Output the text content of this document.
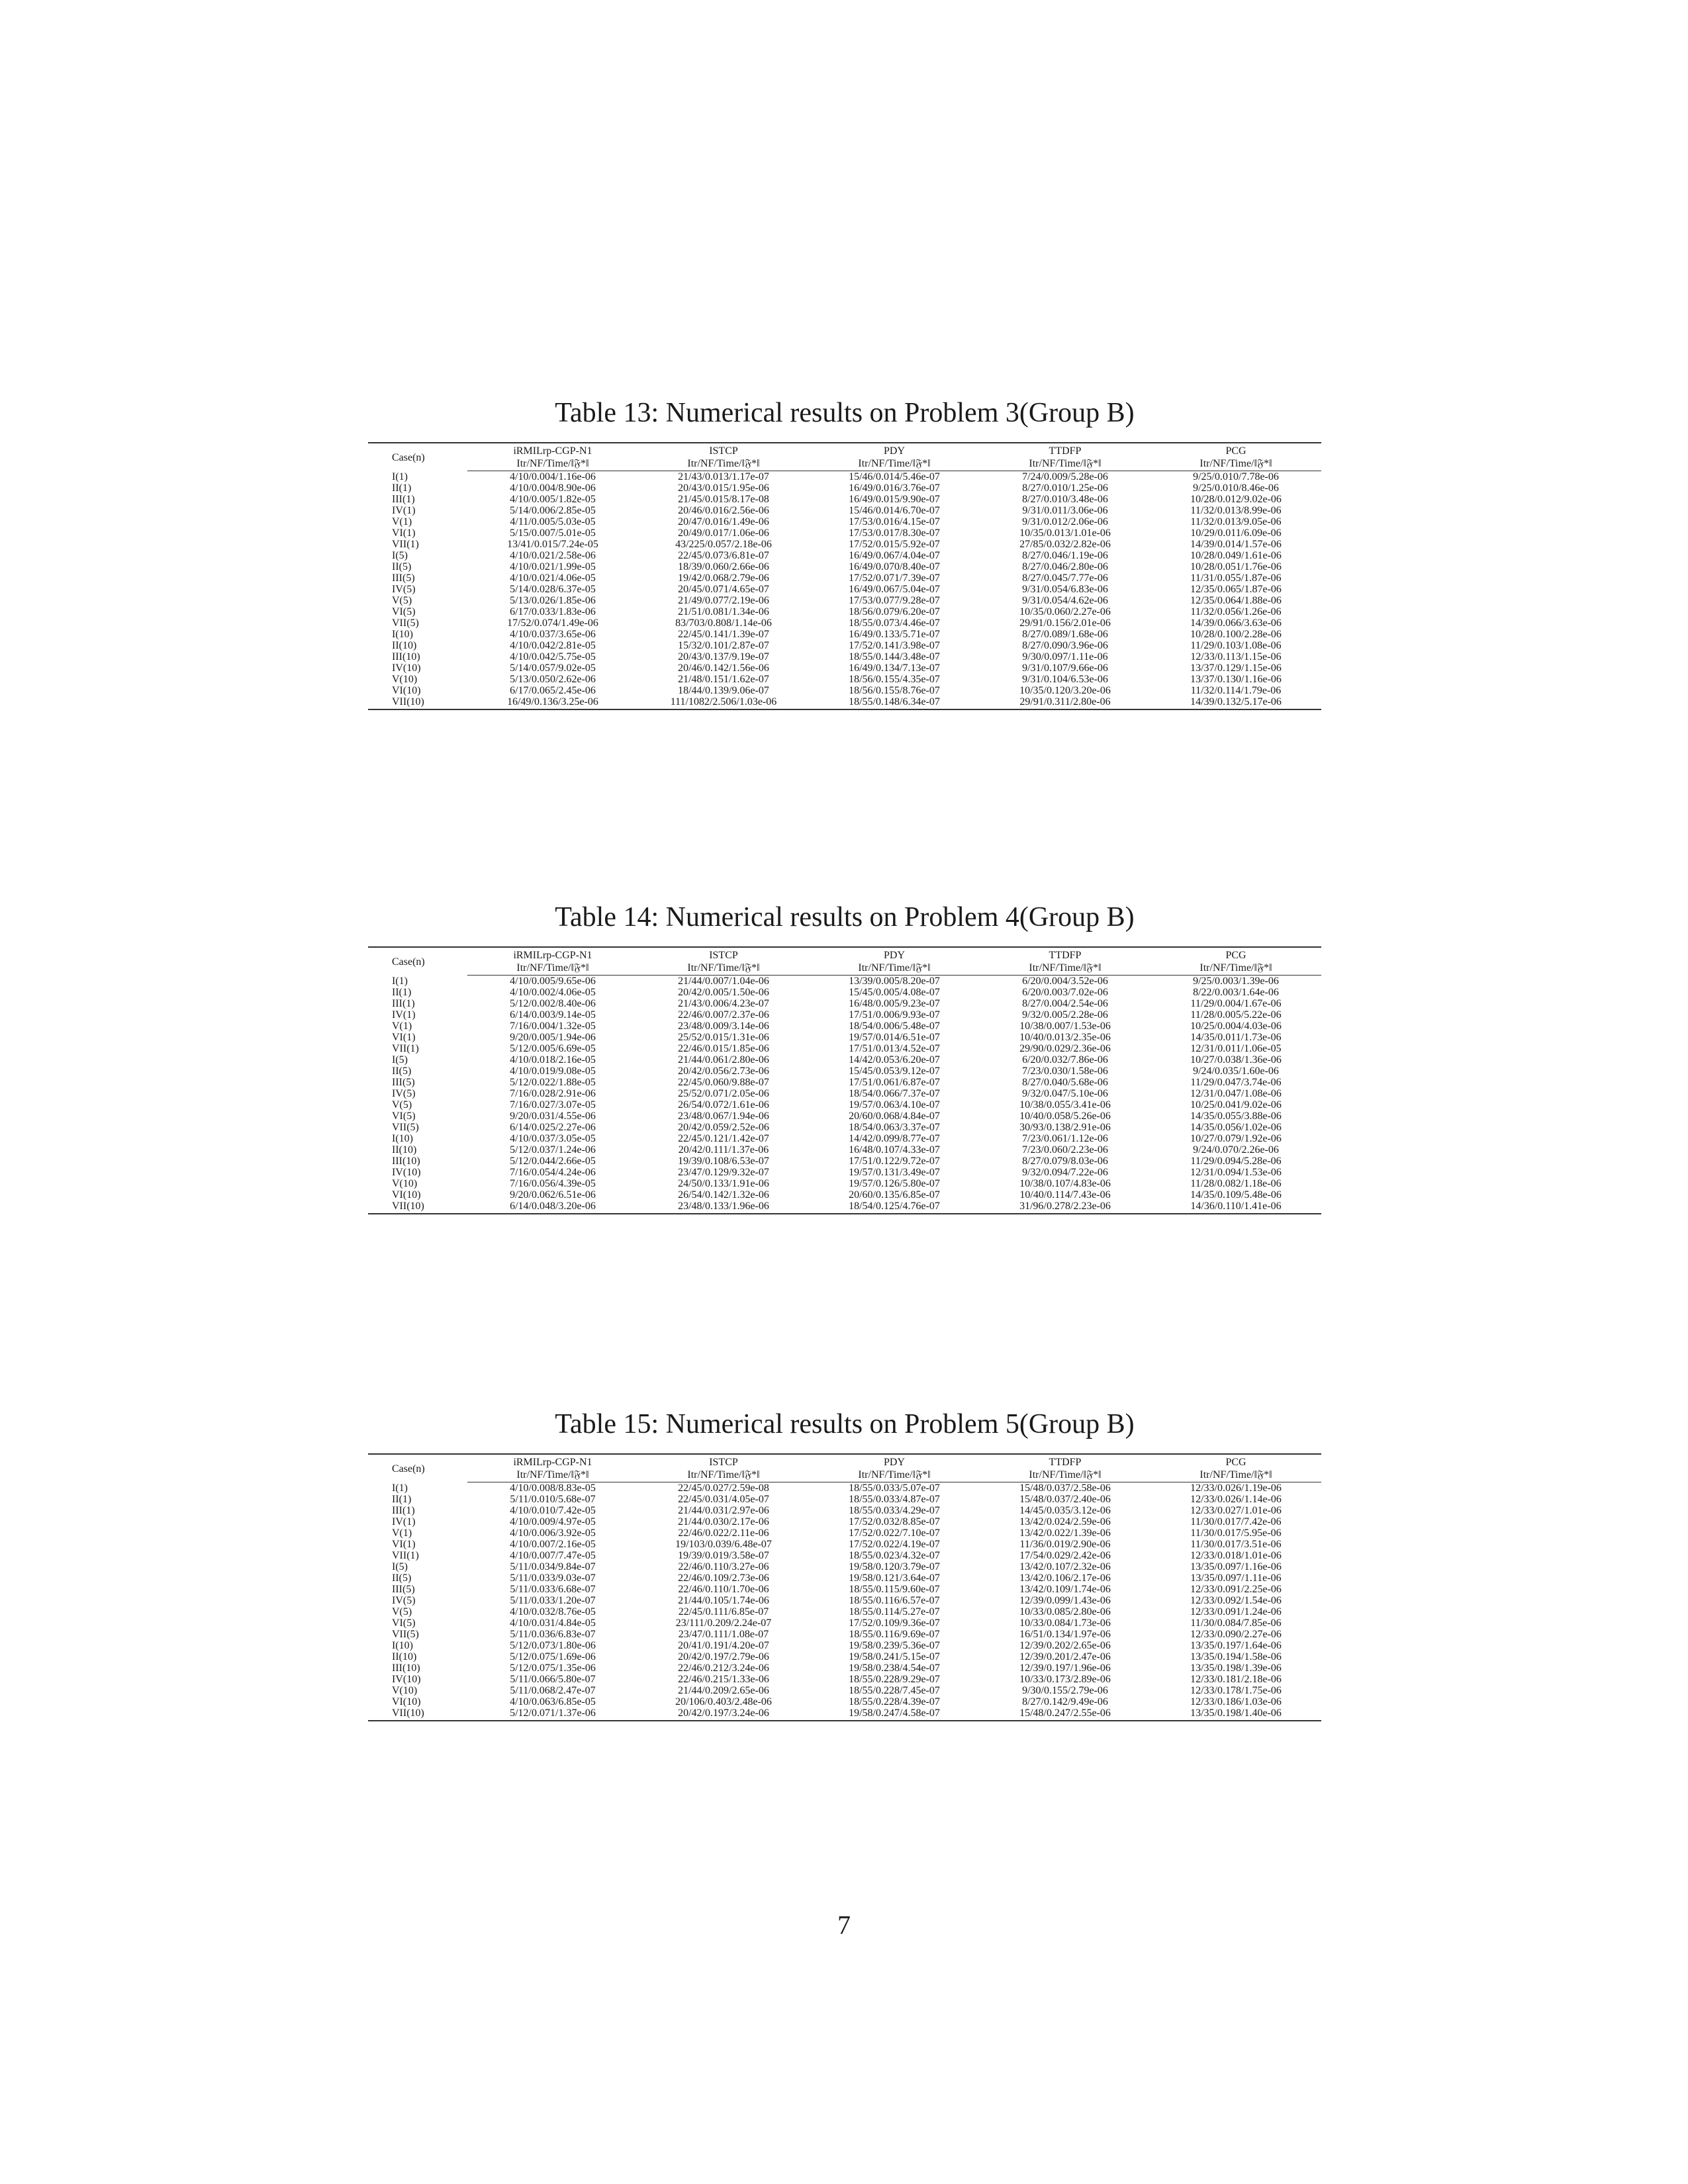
Table 13: Numerical results on Problem 3(Group B)
Case(n)	iRMILrp-CGP-N1	ISTCP	PDY	TTDFP	PCG
	Itr/NF/Time/‖𝔉*‖	Itr/NF/Time/‖𝔉*‖	Itr/NF/Time/‖𝔉*‖	Itr/NF/Time/‖𝔉*‖	Itr/NF/Time/‖𝔉*‖
I(1)	4/10/0.004/1.16e-06	21/43/0.013/1.17e-07	15/46/0.014/5.46e-07	7/24/0.009/5.28e-06	9/25/0.010/7.78e-06
II(1)	4/10/0.004/8.90e-06	20/43/0.015/1.95e-06	16/49/0.016/3.76e-07	8/27/0.010/1.25e-06	9/25/0.010/8.46e-06
III(1)	4/10/0.005/1.82e-05	21/45/0.015/8.17e-08	16/49/0.015/9.90e-07	8/27/0.010/3.48e-06	10/28/0.012/9.02e-06
IV(1)	5/14/0.006/2.85e-05	20/46/0.016/2.56e-06	15/46/0.014/6.70e-07	9/31/0.011/3.06e-06	11/32/0.013/8.99e-06
V(1)	4/11/0.005/5.03e-05	20/47/0.016/1.49e-06	17/53/0.016/4.15e-07	9/31/0.012/2.06e-06	11/32/0.013/9.05e-06
VI(1)	5/15/0.007/5.01e-05	20/49/0.017/1.06e-06	17/53/0.017/8.30e-07	10/35/0.013/1.01e-06	10/29/0.011/6.09e-06
VII(1)	13/41/0.015/7.24e-05	43/225/0.057/2.18e-06	17/52/0.015/5.92e-07	27/85/0.032/2.82e-06	14/39/0.014/1.57e-06
I(5)	4/10/0.021/2.58e-06	22/45/0.073/6.81e-07	16/49/0.067/4.04e-07	8/27/0.046/1.19e-06	10/28/0.049/1.61e-06
II(5)	4/10/0.021/1.99e-05	18/39/0.060/2.66e-06	16/49/0.070/8.40e-07	8/27/0.046/2.80e-06	10/28/0.051/1.76e-06
III(5)	4/10/0.021/4.06e-05	19/42/0.068/2.79e-06	17/52/0.071/7.39e-07	8/27/0.045/7.77e-06	11/31/0.055/1.87e-06
IV(5)	5/14/0.028/6.37e-05	20/45/0.071/4.65e-07	16/49/0.067/5.04e-07	9/31/0.054/6.83e-06	12/35/0.065/1.87e-06
V(5)	5/13/0.026/1.85e-06	21/49/0.077/2.19e-06	17/53/0.077/9.28e-07	9/31/0.054/4.62e-06	12/35/0.064/1.88e-06
VI(5)	6/17/0.033/1.83e-06	21/51/0.081/1.34e-06	18/56/0.079/6.20e-07	10/35/0.060/2.27e-06	11/32/0.056/1.26e-06
VII(5)	17/52/0.074/1.49e-06	83/703/0.808/1.14e-06	18/55/0.073/4.46e-07	29/91/0.156/2.01e-06	14/39/0.066/3.63e-06
I(10)	4/10/0.037/3.65e-06	22/45/0.141/1.39e-07	16/49/0.133/5.71e-07	8/27/0.089/1.68e-06	10/28/0.100/2.28e-06
II(10)	4/10/0.042/2.81e-05	15/32/0.101/2.87e-07	17/52/0.141/3.98e-07	8/27/0.090/3.96e-06	11/29/0.103/1.08e-06
III(10)	4/10/0.042/5.75e-05	20/43/0.137/9.19e-07	18/55/0.144/3.48e-07	9/30/0.097/1.11e-06	12/33/0.113/1.15e-06
IV(10)	5/14/0.057/9.02e-05	20/46/0.142/1.56e-06	16/49/0.134/7.13e-07	9/31/0.107/9.66e-06	13/37/0.129/1.15e-06
V(10)	5/13/0.050/2.62e-06	21/48/0.151/1.62e-07	18/56/0.155/4.35e-07	9/31/0.104/6.53e-06	13/37/0.130/1.16e-06
VI(10)	6/17/0.065/2.45e-06	18/44/0.139/9.06e-07	18/56/0.155/8.76e-07	10/35/0.120/3.20e-06	11/32/0.114/1.79e-06
VII(10)	16/49/0.136/3.25e-06	111/1082/2.506/1.03e-06	18/55/0.148/6.34e-07	29/91/0.311/2.80e-06	14/39/0.132/5.17e-06
Table 14: Numerical results on Problem 4(Group B)
Case(n)	iRMILrp-CGP-N1	ISTCP	PDY	TTDFP	PCG
	Itr/NF/Time/‖𝔉*‖	Itr/NF/Time/‖𝔉*‖	Itr/NF/Time/‖𝔉*‖	Itr/NF/Time/‖𝔉*‖	Itr/NF/Time/‖𝔉*‖
I(1)	4/10/0.005/9.65e-06	21/44/0.007/1.04e-06	13/39/0.005/8.20e-07	6/20/0.004/3.52e-06	9/25/0.003/1.39e-06
II(1)	4/10/0.002/4.06e-05	20/42/0.005/1.50e-06	15/45/0.005/4.08e-07	6/20/0.003/7.02e-06	8/22/0.003/1.64e-06
III(1)	5/12/0.002/8.40e-06	21/43/0.006/4.23e-07	16/48/0.005/9.23e-07	8/27/0.004/2.54e-06	11/29/0.004/1.67e-06
IV(1)	6/14/0.003/9.14e-05	22/46/0.007/2.37e-06	17/51/0.006/9.93e-07	9/32/0.005/2.28e-06	11/28/0.005/5.22e-06
V(1)	7/16/0.004/1.32e-05	23/48/0.009/3.14e-06	18/54/0.006/5.48e-07	10/38/0.007/1.53e-06	10/25/0.004/4.03e-06
VI(1)	9/20/0.005/1.94e-06	25/52/0.015/1.31e-06	19/57/0.014/6.51e-07	10/40/0.013/2.35e-06	14/35/0.011/1.73e-06
VII(1)	5/12/0.005/6.69e-05	22/46/0.015/1.85e-06	17/51/0.013/4.52e-07	29/90/0.029/2.36e-06	12/31/0.011/1.06e-05
I(5)	4/10/0.018/2.16e-05	21/44/0.061/2.80e-06	14/42/0.053/6.20e-07	6/20/0.032/7.86e-06	10/27/0.038/1.36e-06
II(5)	4/10/0.019/9.08e-05	20/42/0.056/2.73e-06	15/45/0.053/9.12e-07	7/23/0.030/1.58e-06	9/24/0.035/1.60e-06
III(5)	5/12/0.022/1.88e-05	22/45/0.060/9.88e-07	17/51/0.061/6.87e-07	8/27/0.040/5.68e-06	11/29/0.047/3.74e-06
IV(5)	7/16/0.028/2.91e-06	25/52/0.071/2.05e-06	18/54/0.066/7.37e-07	9/32/0.047/5.10e-06	12/31/0.047/1.08e-06
V(5)	7/16/0.027/3.07e-05	26/54/0.072/1.61e-06	19/57/0.063/4.10e-07	10/38/0.055/3.41e-06	10/25/0.041/9.02e-06
VI(5)	9/20/0.031/4.55e-06	23/48/0.067/1.94e-06	20/60/0.068/4.84e-07	10/40/0.058/5.26e-06	14/35/0.055/3.88e-06
VII(5)	6/14/0.025/2.27e-06	20/42/0.059/2.52e-06	18/54/0.063/3.37e-07	30/93/0.138/2.91e-06	14/35/0.056/1.02e-06
I(10)	4/10/0.037/3.05e-05	22/45/0.121/1.42e-07	14/42/0.099/8.77e-07	7/23/0.061/1.12e-06	10/27/0.079/1.92e-06
II(10)	5/12/0.037/1.24e-06	20/42/0.111/1.37e-06	16/48/0.107/4.33e-07	7/23/0.060/2.23e-06	9/24/0.070/2.26e-06
III(10)	5/12/0.044/2.66e-05	19/39/0.108/6.53e-07	17/51/0.122/9.72e-07	8/27/0.079/8.03e-06	11/29/0.094/5.28e-06
IV(10)	7/16/0.054/4.24e-06	23/47/0.129/9.32e-07	19/57/0.131/3.49e-07	9/32/0.094/7.22e-06	12/31/0.094/1.53e-06
V(10)	7/16/0.056/4.39e-05	24/50/0.133/1.91e-06	19/57/0.126/5.80e-07	10/38/0.107/4.83e-06	11/28/0.082/1.18e-06
VI(10)	9/20/0.062/6.51e-06	26/54/0.142/1.32e-06	20/60/0.135/6.85e-07	10/40/0.114/7.43e-06	14/35/0.109/5.48e-06
VII(10)	6/14/0.048/3.20e-06	23/48/0.133/1.96e-06	18/54/0.125/4.76e-07	31/96/0.278/2.23e-06	14/36/0.110/1.41e-06
Table 15: Numerical results on Problem 5(Group B)
Case(n)	iRMILrp-CGP-N1	ISTCP	PDY	TTDFP	PCG
	Itr/NF/Time/‖𝔉*‖	Itr/NF/Time/‖𝔉*‖	Itr/NF/Time/‖𝔉*‖	Itr/NF/Time/‖𝔉*‖	Itr/NF/Time/‖𝔉*‖
I(1)	4/10/0.008/8.83e-05	22/45/0.027/2.59e-08	18/55/0.033/5.07e-07	15/48/0.037/2.58e-06	12/33/0.026/1.19e-06
II(1)	5/11/0.010/5.68e-07	22/45/0.031/4.05e-07	18/55/0.033/4.87e-07	15/48/0.037/2.40e-06	12/33/0.026/1.14e-06
III(1)	4/10/0.010/7.42e-05	21/44/0.031/2.97e-06	18/55/0.033/4.29e-07	14/45/0.035/3.12e-06	12/33/0.027/1.01e-06
IV(1)	4/10/0.009/4.97e-05	21/44/0.030/2.17e-06	17/52/0.032/8.85e-07	13/42/0.024/2.59e-06	11/30/0.017/7.42e-06
V(1)	4/10/0.006/3.92e-05	22/46/0.022/2.11e-06	17/52/0.022/7.10e-07	13/42/0.022/1.39e-06	11/30/0.017/5.95e-06
VI(1)	4/10/0.007/2.16e-05	19/103/0.039/6.48e-07	17/52/0.022/4.19e-07	11/36/0.019/2.90e-06	11/30/0.017/3.51e-06
VII(1)	4/10/0.007/7.47e-05	19/39/0.019/3.58e-07	18/55/0.023/4.32e-07	17/54/0.029/2.42e-06	12/33/0.018/1.01e-06
I(5)	5/11/0.034/9.84e-07	22/46/0.110/3.27e-06	19/58/0.120/3.79e-07	13/42/0.107/2.32e-06	13/35/0.097/1.16e-06
II(5)	5/11/0.033/9.03e-07	22/46/0.109/2.73e-06	19/58/0.121/3.64e-07	13/42/0.106/2.17e-06	13/35/0.097/1.11e-06
III(5)	5/11/0.033/6.68e-07	22/46/0.110/1.70e-06	18/55/0.115/9.60e-07	13/42/0.109/1.74e-06	12/33/0.091/2.25e-06
IV(5)	5/11/0.033/1.20e-07	21/44/0.105/1.74e-06	18/55/0.116/6.57e-07	12/39/0.099/1.43e-06	12/33/0.092/1.54e-06
V(5)	4/10/0.032/8.76e-05	22/45/0.111/6.85e-07	18/55/0.114/5.27e-07	10/33/0.085/2.80e-06	12/33/0.091/1.24e-06
VI(5)	4/10/0.031/4.84e-05	23/111/0.209/2.24e-07	17/52/0.109/9.36e-07	10/33/0.084/1.73e-06	11/30/0.084/7.85e-06
VII(5)	5/11/0.036/6.83e-07	23/47/0.111/1.08e-07	18/55/0.116/9.69e-07	16/51/0.134/1.97e-06	12/33/0.090/2.27e-06
I(10)	5/12/0.073/1.80e-06	20/41/0.191/4.20e-07	19/58/0.239/5.36e-07	12/39/0.202/2.65e-06	13/35/0.197/1.64e-06
II(10)	5/12/0.075/1.69e-06	20/42/0.197/2.79e-06	19/58/0.241/5.15e-07	12/39/0.201/2.47e-06	13/35/0.194/1.58e-06
III(10)	5/12/0.075/1.35e-06	22/46/0.212/3.24e-06	19/58/0.238/4.54e-07	12/39/0.197/1.96e-06	13/35/0.198/1.39e-06
IV(10)	5/11/0.066/5.80e-07	22/46/0.215/1.33e-06	18/55/0.228/9.29e-07	10/33/0.173/2.89e-06	12/33/0.181/2.18e-06
V(10)	5/11/0.068/2.47e-07	21/44/0.209/2.65e-06	18/55/0.228/7.45e-07	9/30/0.155/2.79e-06	12/33/0.178/1.75e-06
VI(10)	4/10/0.063/6.85e-05	20/106/0.403/2.48e-06	18/55/0.228/4.39e-07	8/27/0.142/9.49e-06	12/33/0.186/1.03e-06
VII(10)	5/12/0.071/1.37e-06	20/42/0.197/3.24e-06	19/58/0.247/4.58e-07	15/48/0.247/2.55e-06	13/35/0.198/1.40e-06
7
